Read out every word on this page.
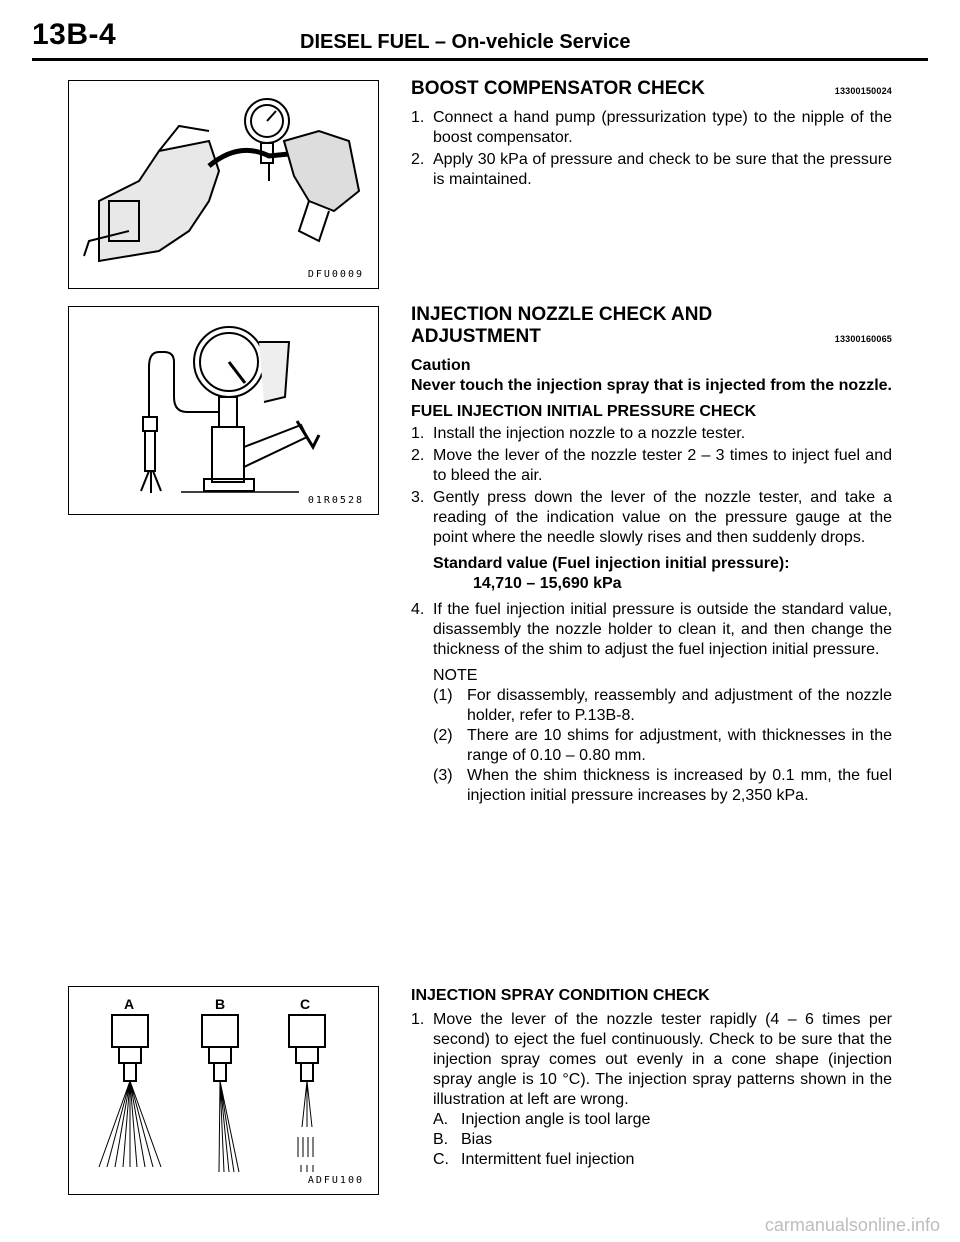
13B-4	DIESEL FUEL – On-vehicle Service
DFU0009
01R0528
A	B	C
ADFU100
BOOST COMPENSATOR CHECK	13300150024
1. Connect a hand pump (pressurization type) to the nipple of the boost compensator.
2. Apply 30 kPa of pressure and check to be sure that the pressure is maintained.
INJECTION NOZZLE CHECK AND
ADJUSTMENT	13300160065
Caution
Never touch the injection spray that is injected from the nozzle.
FUEL INJECTION INITIAL PRESSURE CHECK
1. Install the injection nozzle to a nozzle tester.
2. Move the lever of the nozzle tester 2 – 3 times to inject fuel and to bleed the air.
3. Gently press down the lever of the nozzle tester, and take a reading of the indication value on the pressure gauge at the point where the needle slowly rises and then suddenly drops.
Standard value (Fuel injection initial pressure):
14,710 – 15,690 kPa
4. If the fuel injection initial pressure is outside the standard value, disassembly the nozzle holder to clean it, and then change the thickness of the shim to adjust the fuel injection initial pressure.
NOTE
(1) For disassembly, reassembly and adjustment of the nozzle holder, refer to P.13B-8.
(2) There are 10 shims for adjustment, with thicknesses in the range of 0.10 – 0.80 mm.
(3) When the shim thickness is increased by 0.1 mm, the fuel injection initial pressure increases by 2,350 kPa.
INJECTION SPRAY CONDITION CHECK
1. Move the lever of the nozzle tester rapidly (4 – 6 times per second) to eject the fuel continuously. Check to be sure that the injection spray comes out evenly in a cone shape (injection spray angle is 10 °C). The injection spray patterns shown in the illustration at left are wrong.
A. Injection angle is tool large
B. Bias
C. Intermittent fuel injection
carmanualsonline.info
